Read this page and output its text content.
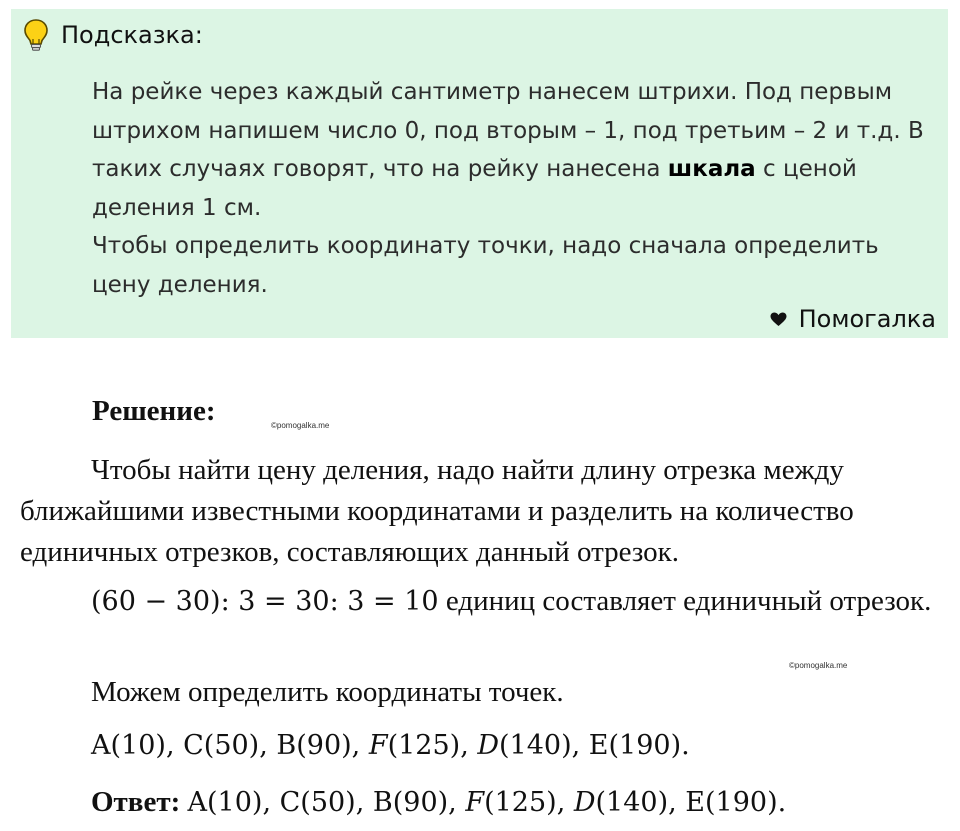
Подсказка:
На рейке через каждый сантиметр нанесем штрихи. Под первым штрихом напишем число 0, под вторым – 1, под третьим – 2 и т.д. В таких случаях говорят, что на рейку нанесена шкала с ценой деления 1 см.
Чтобы определить координату точки, надо сначала определить цену деления.
Помогалка
Решение:	©pomogalka.me
Чтобы найти цену деления, надо найти длину отрезка между ближайшими известными координатами и разделить на количество единичных отрезков, составляющих данный отрезок.
(60 − 30): 3 = 30: 3 = 10 единиц составляет единичный отрезок.
©pomogalka.me
Можем определить координаты точек.
A(10), C(50), B(90), F(125), D(140), E(190).
Ответ: A(10), C(50), B(90), F(125), D(140), E(190).
